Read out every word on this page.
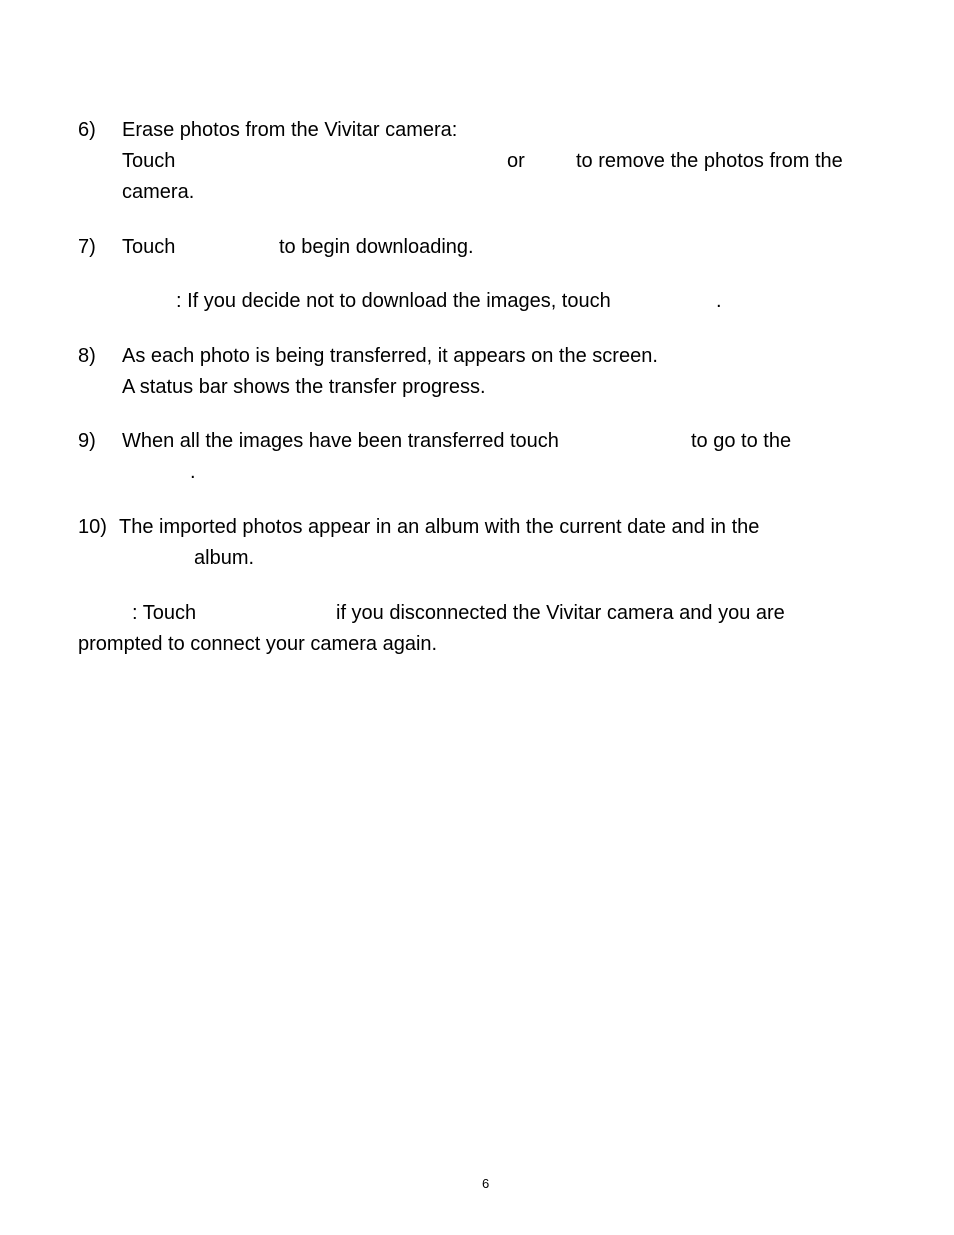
6) Erase photos from the Vivitar camera:
Touch	or	to remove the photos from the
camera.
7) Touch	to begin downloading.
: If you decide not to download the images, touch	.
8) As each photo is being transferred, it appears on the screen.
A status bar shows the transfer progress.
9) When all the images have been transferred touch	to go to the
.
10) The imported photos appear in an album with the current date and in the
album.
: Touch	if you disconnected the Vivitar camera and you are
prompted to connect your camera again.
6
